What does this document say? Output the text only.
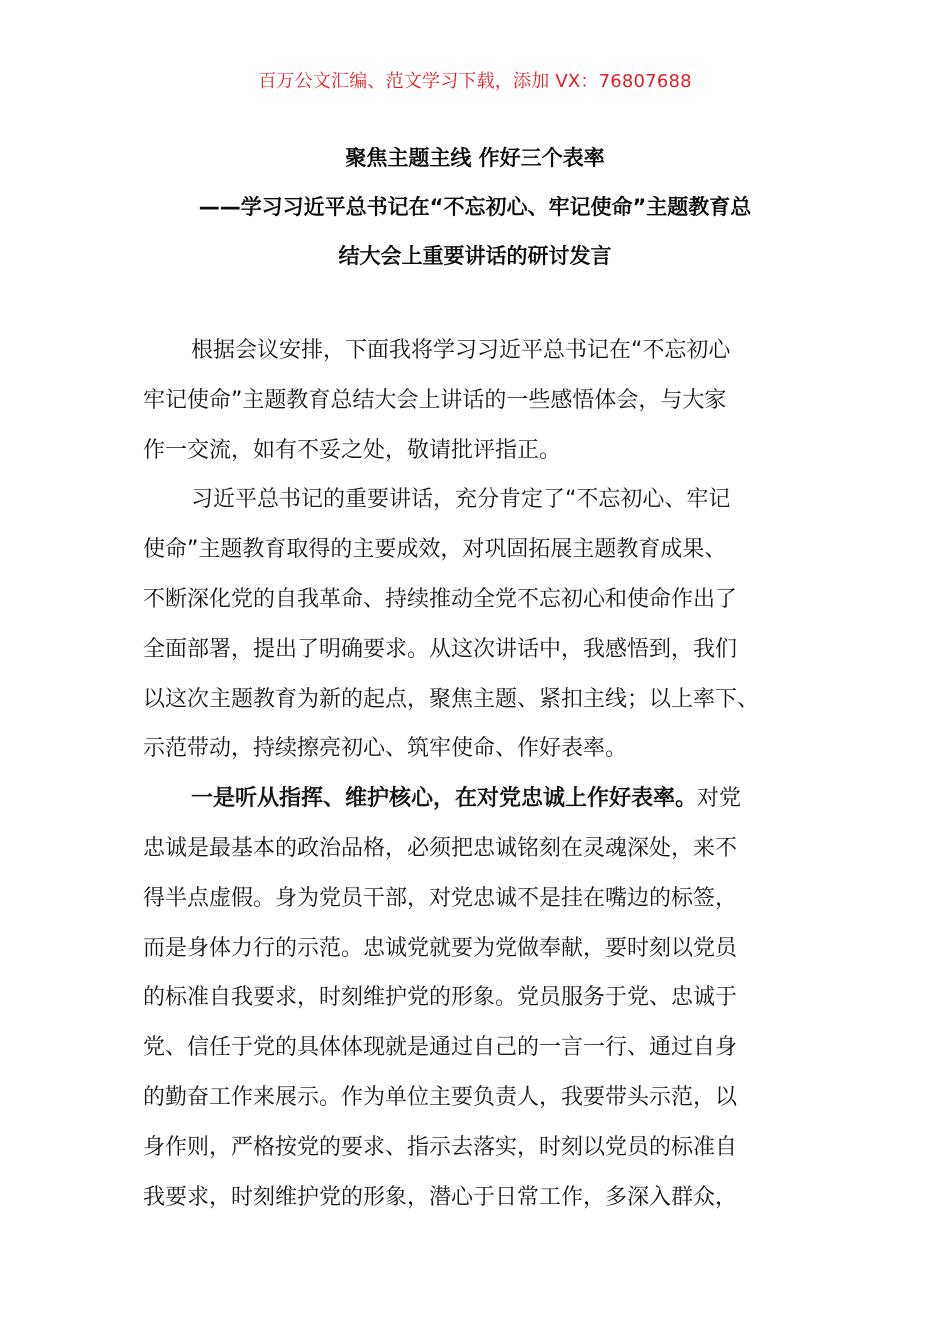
百万公文汇编、范文学习下载，添加 VX：76807688
聚焦主题主线 作好三个表率
——学习习近平总书记在“不忘初心、牢记使命”主题教育总
结大会上重要讲话的研讨发言
根据会议安排，下面我将学习习近平总书记在“不忘初心
牢记使命”主题教育总结大会上讲话的一些感悟体会，与大家
作一交流，如有不妥之处，敬请批评指正。
习近平总书记的重要讲话，充分肯定了“不忘初心、牢记
使命”主题教育取得的主要成效，对巩固拓展主题教育成果、
不断深化党的自我革命、持续推动全党不忘初心和使命作出了
全面部署，提出了明确要求。从这次讲话中，我感悟到，我们
以这次主题教育为新的起点，聚焦主题、紧扣主线；以上率下、
示范带动，持续擦亮初心、筑牢使命、作好表率。
一是听从指挥、维护核心，在对党忠诚上作好表率。对党
忠诚是最基本的政治品格，必须把忠诚铭刻在灵魂深处，来不
得半点虚假。身为党员干部，对党忠诚不是挂在嘴边的标签，
而是身体力行的示范。忠诚党就要为党做奉献，要时刻以党员
的标准自我要求，时刻维护党的形象。党员服务于党、忠诚于
党、信任于党的具体体现就是通过自己的一言一行、通过自身
的勤奋工作来展示。作为单位主要负责人，我要带头示范，以
身作则，严格按党的要求、指示去落实，时刻以党员的标准自
我要求，时刻维护党的形象，潜心于日常工作，多深入群众，
